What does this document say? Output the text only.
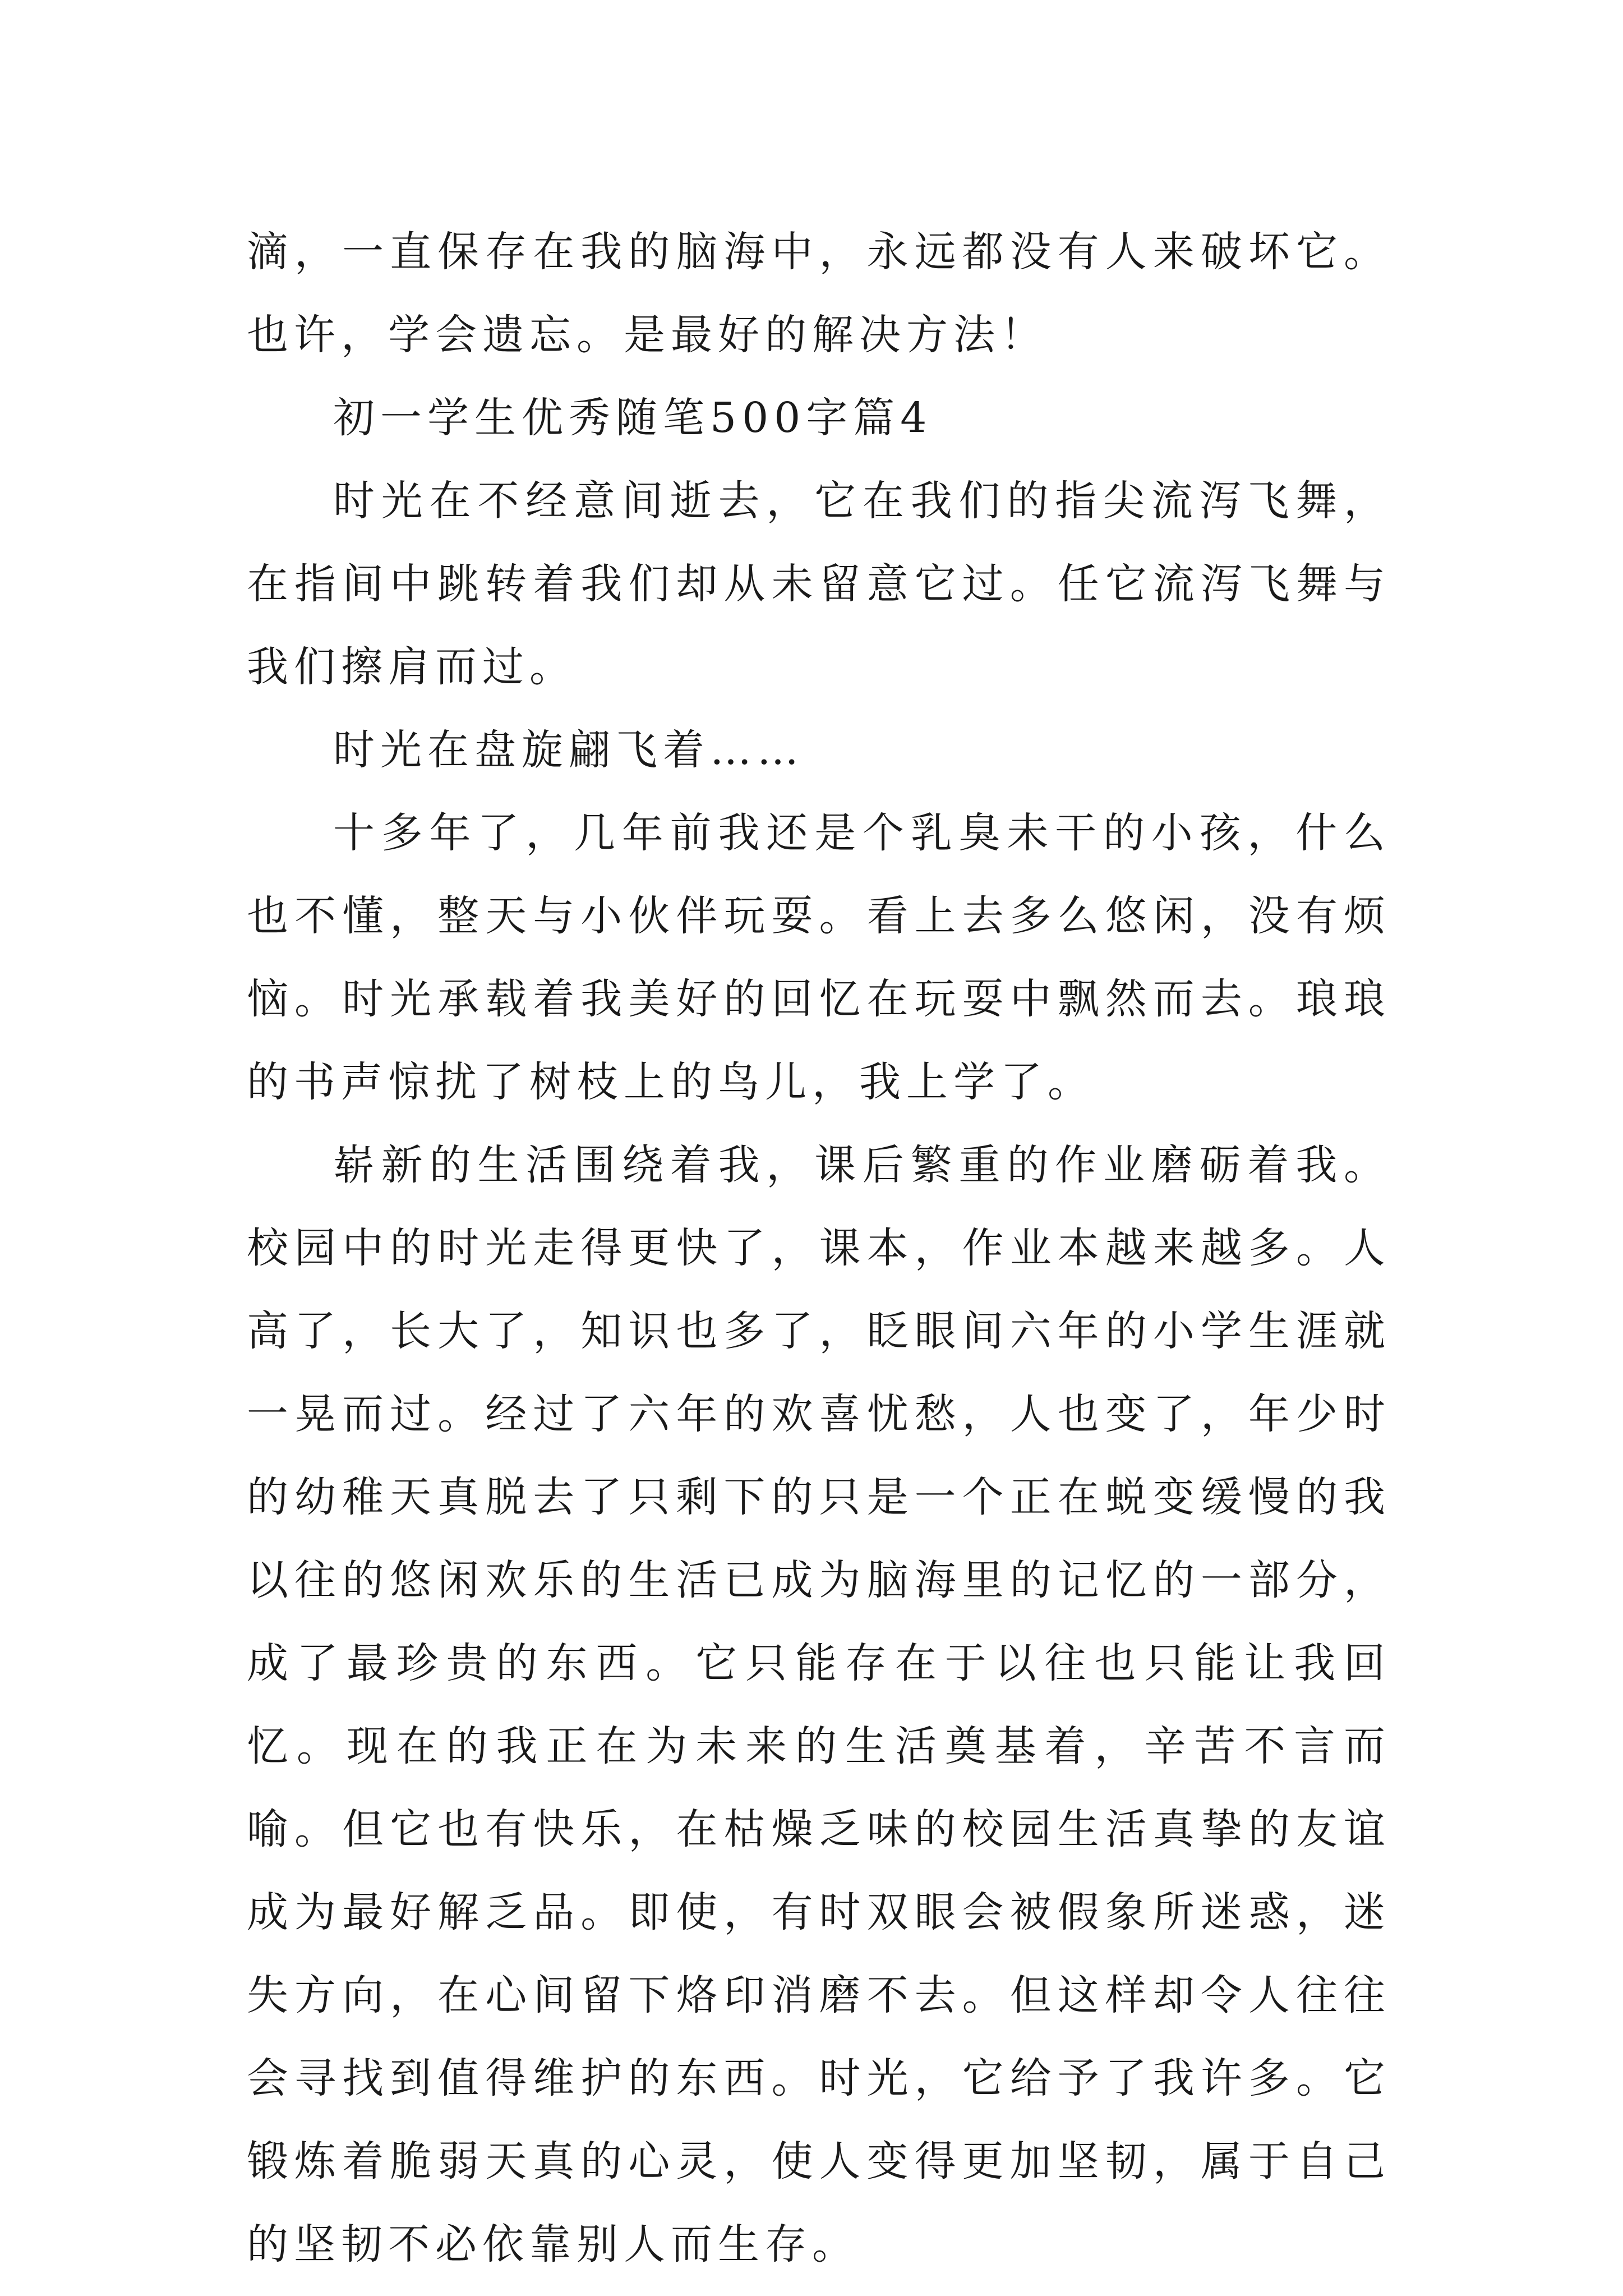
滴，一直保存在我的脑海中，永远都没有人来破坏它。也许，学会遗忘。是最好的解决方法！

初一学生优秀随笔500字篇4

时光在不经意间逝去，它在我们的指尖流泻飞舞，在指间中跳转着我们却从未留意它过。任它流泻飞舞与我们擦肩而过。

时光在盘旋翩飞着……

十多年了，几年前我还是个乳臭未干的小孩，什么也不懂，整天与小伙伴玩耍。看上去多么悠闲，没有烦恼。时光承载着我美好的回忆在玩耍中飘然而去。琅琅的书声惊扰了树枝上的鸟儿，我上学了。

崭新的生活围绕着我，课后繁重的作业磨砺着我。校园中的时光走得更快了，课本，作业本越来越多。人高了，长大了，知识也多了，眨眼间六年的小学生涯就一晃而过。经过了六年的欢喜忧愁，人也变了，年少时的幼稚天真脱去了只剩下的只是一个正在蜕变缓慢的我以往的悠闲欢乐的生活已成为脑海里的记忆的一部分，成了最珍贵的东西。它只能存在于以往也只能让我回忆。现在的我正在为未来的生活奠基着，辛苦不言而喻。但它也有快乐，在枯燥乏味的校园生活真挚的友谊成为最好解乏品。即使，有时双眼会被假象所迷惑，迷失方向，在心间留下烙印消磨不去。但这样却令人往往会寻找到值得维护的东西。时光，它给予了我许多。它锻炼着脆弱天真的心灵，使人变得更加坚韧，属于自己的坚韧不必依靠别人而生存。
